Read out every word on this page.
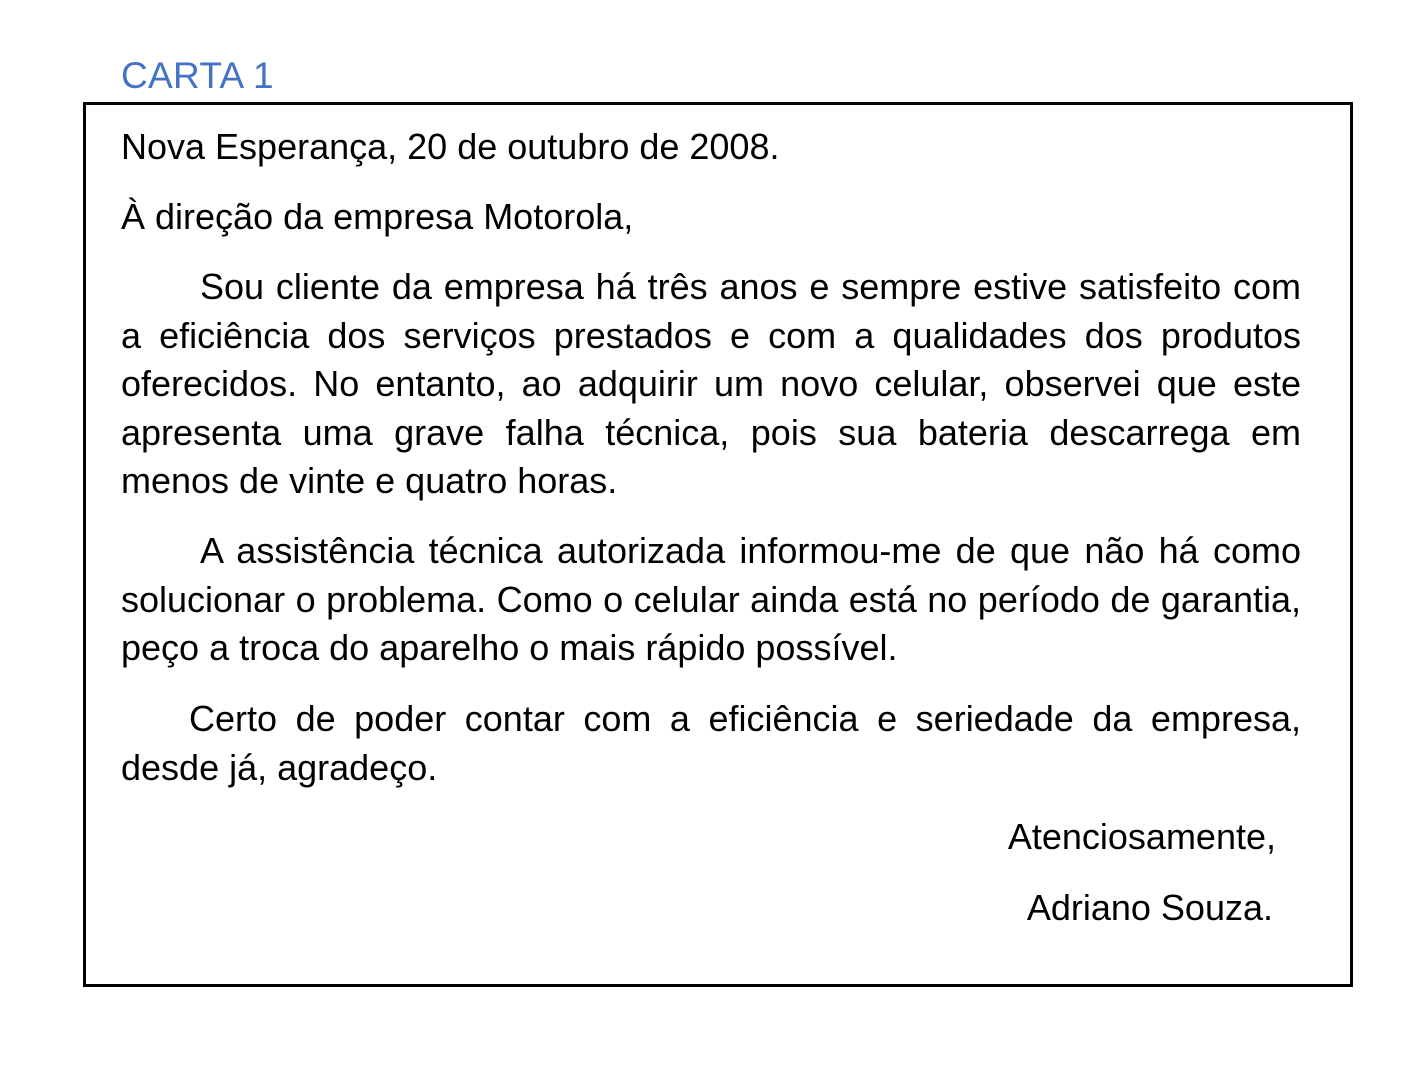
CARTA 1
Nova Esperança, 20 de outubro de 2008.
À direção da empresa Motorola,

Sou cliente da empresa há três anos e sempre estive satisfeito com a eficiência dos serviços prestados e com a qualidades dos produtos oferecidos. No entanto, ao adquirir um novo celular, observei que este apresenta uma grave falha técnica, pois sua bateria descarrega em menos de vinte e quatro horas.

A assistência técnica autorizada informou-me de que não há como solucionar o problema. Como o celular ainda está no período de garantia, peço a troca do aparelho o mais rápido possível.

Certo de poder contar com a eficiência e seriedade da empresa, desde já, agradeço.

Atenciosamente,
Adriano Souza.
